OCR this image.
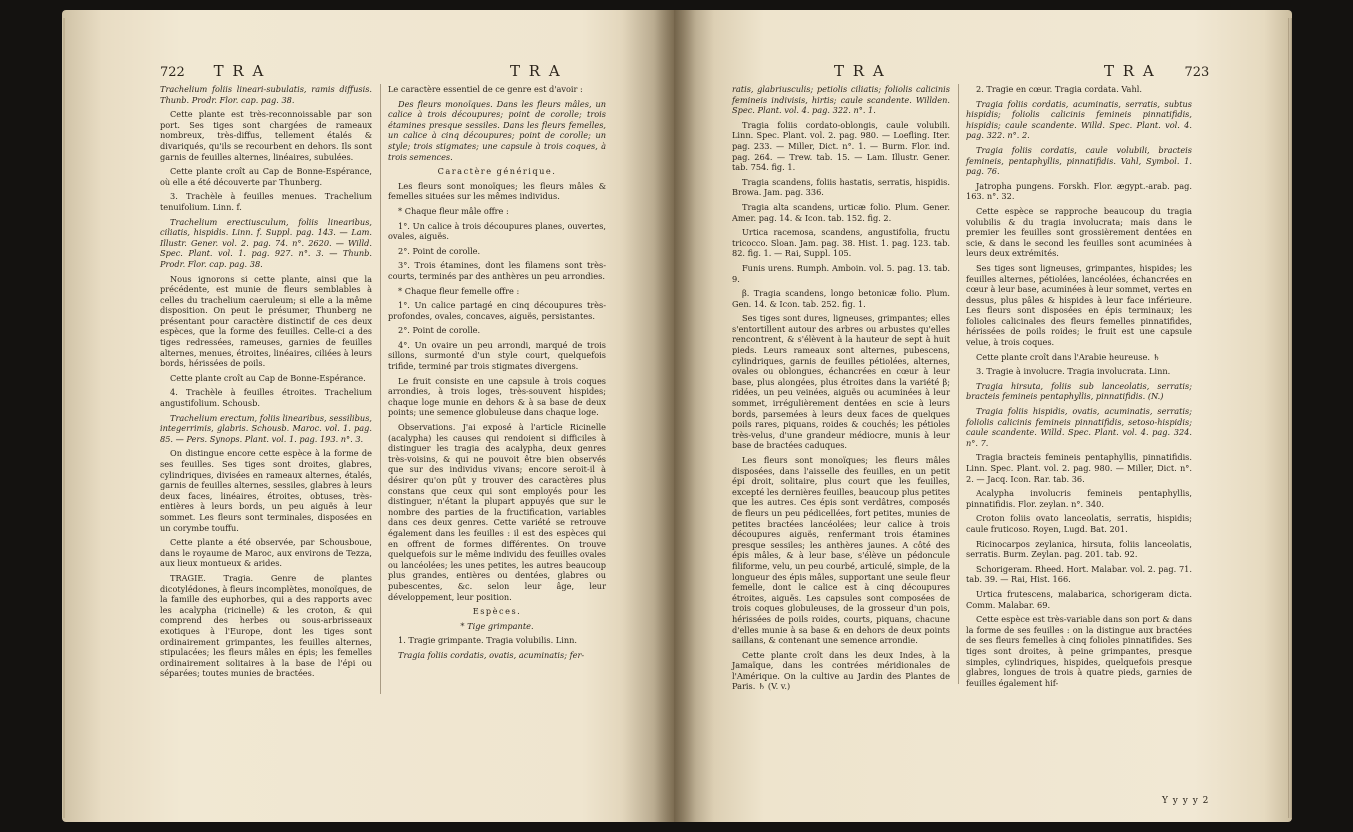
722 T R A	T R A

Trachelium foliis lineari-subulatis, ramis diffusis. Thunb. Prodr. Flor. cap. pag. 38.

Cette plante est très-reconnoissable par son port. Ses tiges sont chargées de rameaux nombreux, très-diffus, tellement étalés & divariqués, qu'ils se recourbent en dehors. Ils sont garnis de feuilles alternes, linéaires, subulées.

Cette plante croît au Cap de Bonne-Espérance, où elle a été découverte par Thunberg.

3. Trachèle à feuilles menues. Trachelium tenuifolium. Linn. f.

Trachelium erectiusculum, foliis linearibus, ciliatis, hispidis. Linn. f. Suppl. pag. 143. — Lam. Illustr. Gener. vol. 2. pag. 74. n°. 2620. — Willd. Spec. Plant. vol. 1. pag. 927. n°. 3. — Thunb. Prodr. Flor. cap. pag. 38.

Nous ignorons si cette plante, ainsi que la précédente, est munie de fleurs semblables à celles du trachelium caeruleum; si elle a la même disposition. On peut le présumer, Thunberg ne présentant pour caractère distinctif de ces deux espèces, que la forme des feuilles. Celle-ci a des tiges redressées, rameuses, garnies de feuilles alternes, menues, étroites, linéaires, ciliées à leurs bords, hérissées de poils.

Cette plante croît au Cap de Bonne-Espérance.

4. Trachèle à feuilles étroites. Trachelium angustifolium. Schousb.

Trachelium erectum, foliis linearibus, sessilibus, integerrimis, glabris. Schousb. Maroc. vol. 1. pag. 85. — Pers. Synops. Plant. vol. 1. pag. 193. n°. 3.

On distingue encore cette espèce à la forme de ses feuilles. Ses tiges sont droites, glabres, cylindriques, divisées en rameaux alternes, étalés, garnis de feuilles alternes, sessiles, glabres à leurs deux faces, linéaires, étroites, obtuses, très-entières à leurs bords, un peu aiguës à leur sommet. Les fleurs sont terminales, disposées en un corymbe touffu.

Cette plante a été observée, par Schousboue, dans le royaume de Maroc, aux environs de Tezza, aux lieux montueux & arides.

TRAGIE. Tragia. Genre de plantes dicotylédones, à fleurs incomplètes, monoïques, de la famille des euphorbes, qui a des rapports avec les acalypha (ricinelle) & les croton, & qui comprend des herbes ou sous-arbrisseaux exotiques à l'Europe, dont les tiges sont ordinairement grimpantes, les feuilles alternes, stipulacées; les fleurs mâles en épis; les femelles ordinairement solitaires à la base de l'épi ou séparées; toutes munies de bractées.

Le caractère essentiel de ce genre est d'avoir :

Des fleurs monoïques. Dans les fleurs mâles, un calice à trois découpures; point de corolle; trois étamines presque sessiles. Dans les fleurs femelles, un calice à cinq découpures; point de corolle; un style; trois stigmates; une capsule à trois coques, à trois semences.

Caractère générique.

Les fleurs sont monoïques; les fleurs mâles & femelles situées sur les mêmes individus.

* Chaque fleur mâle offre :

1°. Un calice à trois découpures planes, ouvertes, ovales, aiguës.

2°. Point de corolle.

3°. Trois étamines, dont les filamens sont très-courts, terminés par des anthères un peu arrondies.

* Chaque fleur femelle offre :

1°. Un calice partagé en cinq découpures très-profondes, ovales, concaves, aiguës, persistantes.

2°. Point de corolle.

4°. Un ovaire un peu arrondi, marqué de trois sillons, surmonté d'un style court, quelquefois trifide, terminé par trois stigmates divergens.

Le fruit consiste en une capsule à trois coques arrondies, à trois loges, très-souvent hispides; chaque loge munie en dehors & à sa base de deux points; une semence globuleuse dans chaque loge.

Observations. J'ai exposé à l'article Ricinelle (acalypha) les causes qui rendoient si difficiles à distinguer les tragia des acalypha, deux genres très-voisins, & qui ne pouvoit être bien observés que sur des individus vivans; encore seroit-il à désirer qu'on pût y trouver des caractères plus constans que ceux qui sont employés pour les distinguer, n'étant la plupart appuyés que sur le nombre des parties de la fructification, variables dans ces deux genres. Cette variété se retrouve également dans les feuilles : il est des espèces qui en offrent de formes différentes. On trouve quelquefois sur le même individu des feuilles ovales ou lancéolées; les unes petites, les autres beaucoup plus grandes, entières ou dentées, glabres ou pubescentes, &c. selon leur âge, leur développement, leur position.

Espèces.

* Tige grimpante.

1. Tragie grimpante. Tragia volubilis. Linn.

Tragia foliis cordatis, ovatis, acuminatis; fer-

T R A	T R A 723

ratis, glabriusculis; petiolis ciliatis; foliolis calicinis femineis indivisis, hirtis; caule scandente. Willden. Spec. Plant. vol. 4. pag. 322. n°. 1.

Tragia foliis cordato-oblongis, caule volubili. Linn. Spec. Plant. vol. 2. pag. 980. — Loefling. Iter. pag. 233. — Miller, Dict. n°. 1. — Burm. Flor. ind. pag. 264. — Trew. tab. 15. — Lam. Illustr. Gener. tab. 754. fig. 1.

Tragia scandens, foliis hastatis, serratis, hispidis. Browa. Jam. pag. 336.

Tragia alta scandens, urticæ folio. Plum. Gener. Amer. pag. 14. & Icon. tab. 152. fig. 2.

Urtica racemosa, scandens, angustifolia, fructu tricocco. Sloan. Jam. pag. 38. Hist. 1. pag. 123. tab. 82. fig. 1. — Rai, Suppl. 105.

Funis urens. Rumph. Amboin. vol. 5. pag. 13. tab. 9.

β. Tragia scandens, longo betonicæ folio. Plum. Gen. 14. & Icon. tab. 252. fig. 1.

Ses tiges sont dures, ligneuses, grimpantes; elles s'entortillent autour des arbres ou arbustes qu'elles rencontrent, & s'élèvent à la hauteur de sept à huit pieds. Leurs rameaux sont alternes, pubescens, cylindriques, garnis de feuilles pétiolées, alternes, ovales ou oblongues, échancrées en cœur à leur base, plus alongées, plus étroites dans la variété β; ridées, un peu veinées, aiguës ou acuminées à leur sommet, irrégulièrement dentées en scie à leurs bords, parsemées à leurs deux faces de quelques poils rares, piquans, roides & couchés; les pétioles très-velus, d'une grandeur médiocre, munis à leur base de bractées caduques.

Les fleurs sont monoïques; les fleurs mâles disposées, dans l'aisselle des feuilles, en un petit épi droit, solitaire, plus court que les feuilles, excepté les dernières feuilles, beaucoup plus petites que les autres. Ces épis sont verdâtres, composés de fleurs un peu pédicellées, fort petites, munies de petites bractées lancéolées; leur calice à trois découpures aiguës, renfermant trois étamines presque sessiles; les anthères jaunes. A côté des épis mâles, & à leur base, s'élève un pédoncule filiforme, velu, un peu courbé, articulé, simple, de la longueur des épis mâles, supportant une seule fleur femelle, dont le calice est à cinq découpures étroites, aiguës. Les capsules sont composées de trois coques globuleuses, de la grosseur d'un pois, hérissées de poils roides, courts, piquans, chacune d'elles munie à sa base & en dehors de deux points saillans, & contenant une semence arrondie.

Cette plante croît dans les deux Indes, à la Jamaïque, dans les contrées méridionales de l'Amérique. On la cultive au Jardin des Plantes de Paris. ♄ (V. v.)

2. Tragie en cœur. Tragia cordata. Vahl.

Tragia foliis cordatis, acuminatis, serratis, subtus hispidis; foliolis calicinis femineis pinnatifidis, hispidis; caule scandente. Willd. Spec. Plant. vol. 4. pag. 322. n°. 2.

Tragia foliis cordatis, caule volubili, bracteis femineis, pentaphyllis, pinnatifidis. Vahl, Symbol. 1. pag. 76.

Jatropha pungens. Forskh. Flor. ægypt.-arab. pag. 163. n°. 32.

Cette espèce se rapproche beaucoup du tragia volubilis & du tragia involucrata; mais dans le premier les feuilles sont grossièrement dentées en scie, & dans le second les feuilles sont acuminées à leurs deux extrémités.

Ses tiges sont ligneuses, grimpantes, hispides; les feuilles alternes, pétiolées, lancéolées, échancrées en cœur à leur base, acuminées à leur sommet, vertes en dessus, plus pâles & hispides à leur face inférieure. Les fleurs sont disposées en épis terminaux; les folioles calicinales des fleurs femelles pinnatifides, hérissées de poils roides; le fruit est une capsule velue, à trois coques.

Cette plante croît dans l'Arabie heureuse. ♄

3. Tragie à involucre. Tragia involucrata. Linn.

Tragia hirsuta, foliis sub lanceolatis, serratis; bracteis femineis pentaphyllis, pinnatifidis. (N.)

Tragia foliis hispidis, ovatis, acuminatis, serratis; foliolis calicinis femineis pinnatifidis, setoso-hispidis; caule scandente. Willd. Spec. Plant. vol. 4. pag. 324. n°. 7.

Tragia bracteis femineis pentaphyllis, pinnatifidis. Linn. Spec. Plant. vol. 2. pag. 980. — Miller, Dict. n°. 2. — Jacq. Icon. Rar. tab. 36.

Acalypha involucris femineis pentaphyllis, pinnatifidis. Flor. zeylan. n°. 340.

Croton foliis ovato lanceolatis, serratis, hispidis; caule fruticoso. Royen, Lugd. Bat. 201.

Ricinocarpos zeylanica, hirsuta, foliis lanceolatis, serratis. Burm. Zeylan. pag. 201. tab. 92.

Schorigeram. Rheed. Hort. Malabar. vol. 2. pag. 71. tab. 39. — Rai, Hist. 166.

Urtica frutescens, malabarica, schorigeram dicta. Comm. Malabar. 69.

Cette espèce est très-variable dans son port & dans la forme de ses feuilles : on la distingue aux bractées de ses fleurs femelles à cinq folioles pinnatifides. Ses tiges sont droites, à peine grimpantes, presque simples, cylindriques, hispides, quelquefois presque glabres, longues de trois à quatre pieds, garnies de feuilles également hif-

Y y y y 2
